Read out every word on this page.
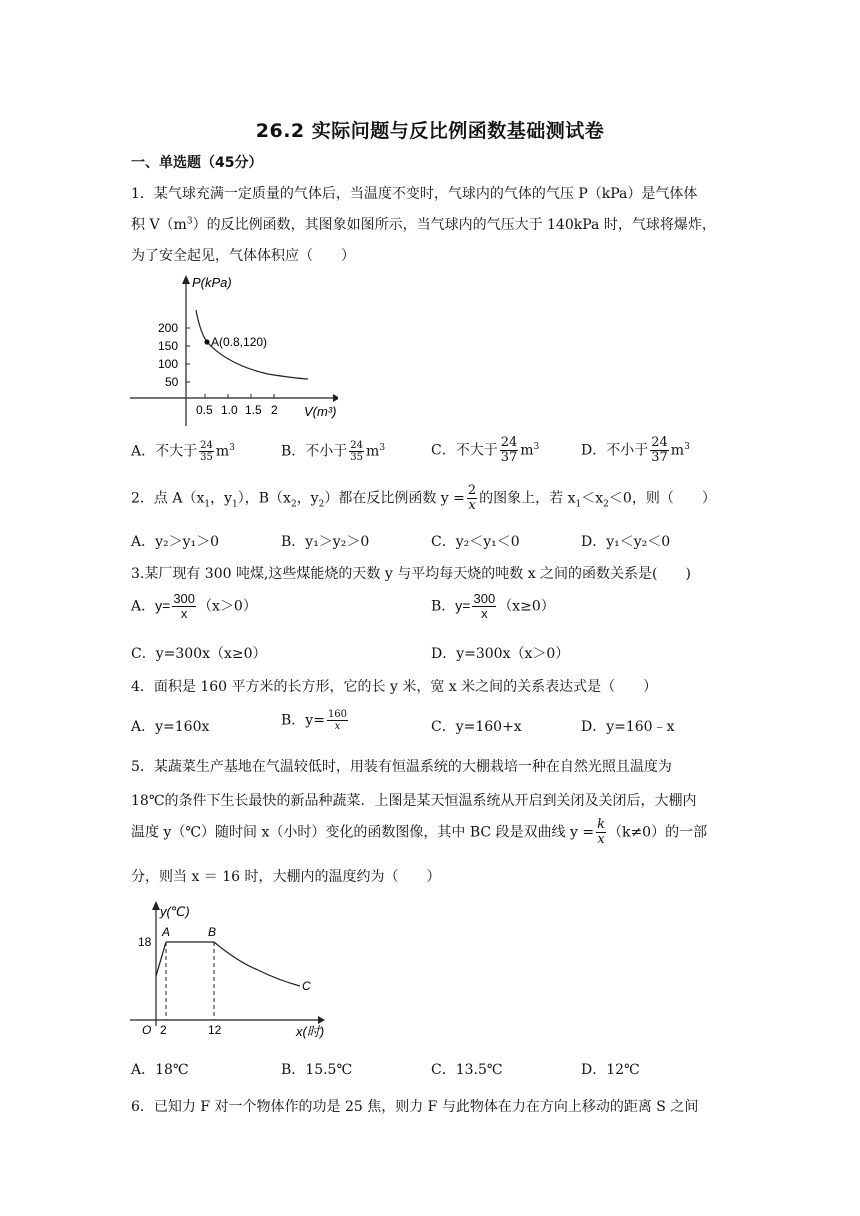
26.2 实际问题与反比例函数基础测试卷
一、单选题（45分）
1．某气球充满一定质量的气体后，当温度不变时，气球内的气体的气压 P（kPa）是气体体
积 $V(m^3)$的反比例函数，其图象如图所示，当气球内的气压大于 140kPa 时，气球将爆炸，
为了安全起见，气体体积应（　　）
P(kPa)
200
150
100
50
0.5 1.0 1.5 2 V(m³)
A(0.8,120)
A．不大于 $\frac{24}{35} m^3$	B．不小于 $\frac{24}{35} m^3$	C．不大于 $\frac{24}{37} m^3$	D．不小于 $\frac{24}{37} m^3$
2．点 $A(x_1$，$y_1$），$B(x_2$，$y_2$）都在反比例函数 $y = \frac{2}{x}$ 的图象上，若 $x_1<x_2<0$，则（　　）
A．y₂＞y₁＞0	B．y₁＞y₂＞0	C．y₂＜y₁＜0	D．y₁＜y₂＜0
3.某厂现有 300 吨煤,这些煤能烧的天数 y 与平均每天烧的吨数 x 之间的函数关系是(　　)
A．$y= \frac{300}{x} (x>0)$	B．$y= \frac{300}{x} (x\ge 0)$
C．y=300x（x≥0）	D．y=300x（x＞0）
4．面积是 160 平方米的长方形，它的长 y 米，宽 x 米之间的关系表达式是（　　）
A．y=160x	B．$y= \frac{160}{x}$	C．y=160+x	D．y=160﹣x
5．某蔬菜生产基地在气温较低时，用装有恒温系统的大棚栽培一种在自然光照且温度为
18℃的条件下生长最快的新品种蔬菜．上图是某天恒温系统从开启到关闭及关闭后，大棚内
温度 y（℃）随时间 x（小时）变化的函数图像，其中 BC 段是双曲线 $y = \frac{k}{x} (k\ne 0)$的一部
分，则当 x ＝ 16 时，大棚内的温度约为（　　）
y(℃)
18
O 2	12	x(时)
A	B
C
A．18℃	B．15.5℃	C．13.5℃	D．12℃
6．已知力 F 对一个物体作的功是 25 焦，则力 F 与此物体在力在方向上移动的距离 S 之间
